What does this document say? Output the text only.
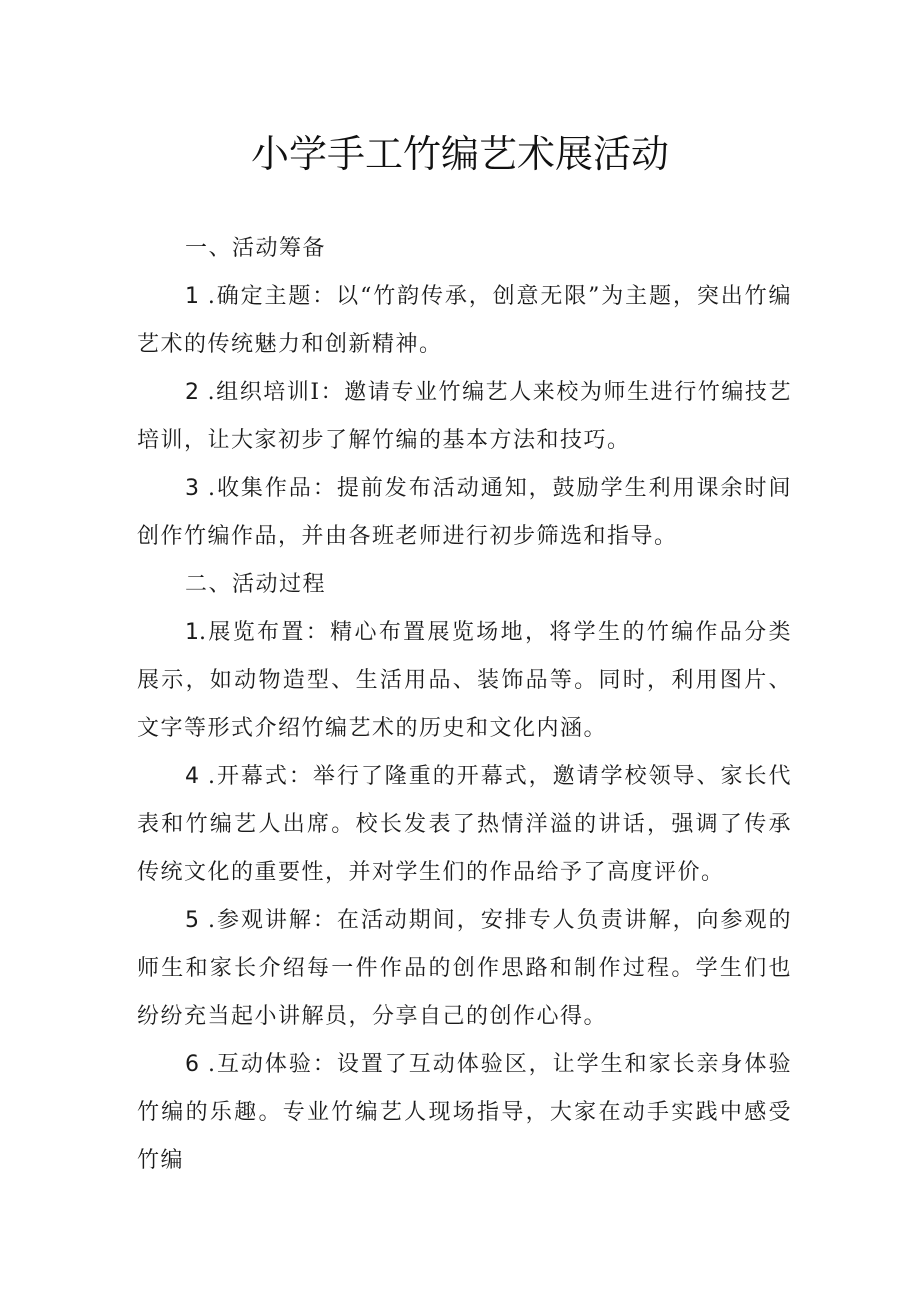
小学手工竹编艺术展活动

一、活动筹备

1 .确定主题：以“竹韵传承，创意无限”为主题，突出竹编艺术的传统魅力和创新精神。

2 .组织培训I：邀请专业竹编艺人来校为师生进行竹编技艺培训，让大家初步了解竹编的基本方法和技巧。

3 .收集作品：提前发布活动通知，鼓励学生利用课余时间创作竹编作品，并由各班老师进行初步筛选和指导。

二、活动过程

1.展览布置：精心布置展览场地，将学生的竹编作品分类展示，如动物造型、生活用品、装饰品等。同时，利用图片、文字等形式介绍竹编艺术的历史和文化内涵。

4 .开幕式：举行了隆重的开幕式，邀请学校领导、家长代表和竹编艺人出席。校长发表了热情洋溢的讲话，强调了传承传统文化的重要性，并对学生们的作品给予了高度评价。

5 .参观讲解：在活动期间，安排专人负责讲解，向参观的师生和家长介绍每一件作品的创作思路和制作过程。学生们也纷纷充当起小讲解员，分享自己的创作心得。

6 .互动体验：设置了互动体验区，让学生和家长亲身体验竹编的乐趣。专业竹编艺人现场指导，大家在动手实践中感受竹编
